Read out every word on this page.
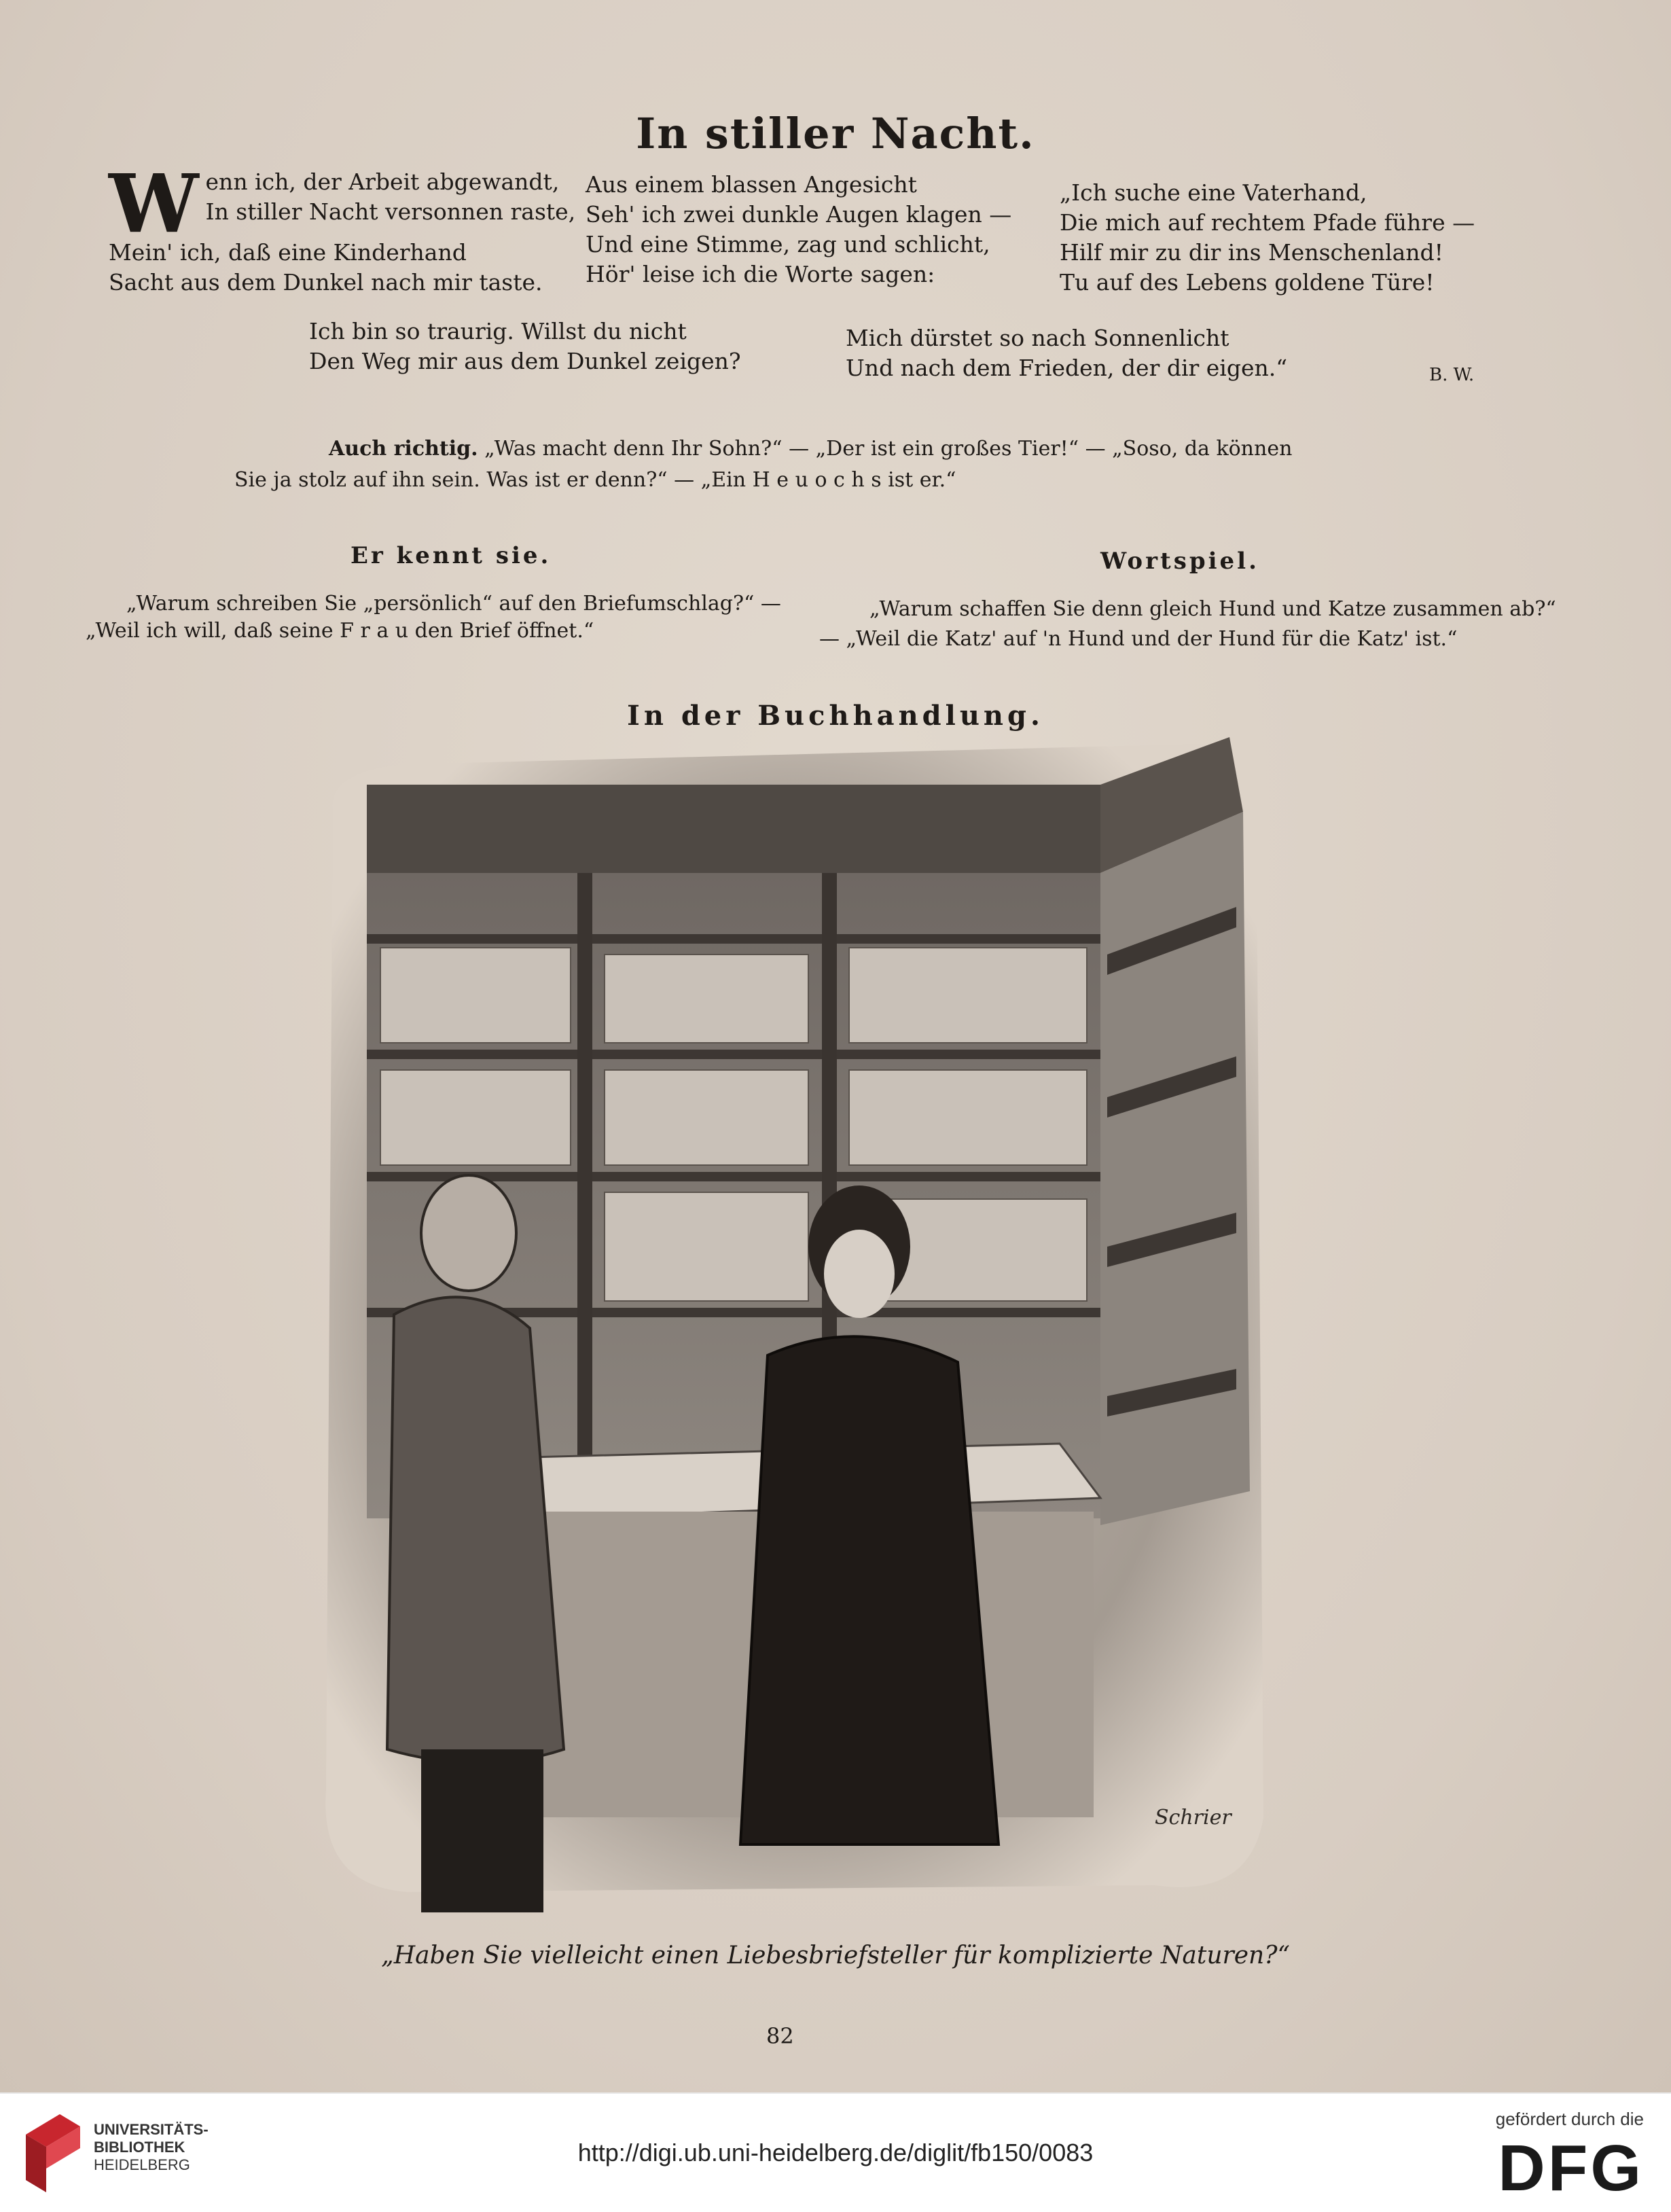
In stiller Nacht.
W enn ich, der Arbeit abgewandt,
In stiller Nacht versonnen raste,
Mein' ich, daß eine Kinderhand
Sacht aus dem Dunkel nach mir taste.
Aus einem blassen Angesicht
Seh' ich zwei dunkle Augen klagen —
Und eine Stimme, zag und schlicht,
Hör' leise ich die Worte sagen:
„Ich suche eine Vaterhand,
Die mich auf rechtem Pfade führe —
Hilf mir zu dir ins Menschenland!
Tu auf des Lebens goldene Türe!
Ich bin so traurig. Willst du nicht
Den Weg mir aus dem Dunkel zeigen?
Mich dürstet so nach Sonnenlicht
Und nach dem Frieden, der dir eigen.“	B. W.
Auch richtig. „Was macht denn Ihr Sohn?“ — „Der ist ein großes Tier!“ — „Soso, da können
Sie ja stolz auf ihn sein. Was ist er denn?“ — „Ein H e u o c h s ist er.“
Er kennt sie.
„Warum schreiben Sie „persönlich“ auf den Briefumschlag?“ —
„Weil ich will, daß seine F r a u den Brief öffnet.“
Wortspiel.
„Warum schaffen Sie denn gleich Hund und Katze zusammen ab?“
— „Weil die Katz' auf 'n Hund und der Hund für die Katz' ist.“
In der Buchhandlung.
Schrier
„Haben Sie vielleicht einen Liebesbriefsteller für komplizierte Naturen?“
82
UNIVERSITÄTS-
BIBLIOTHEK
HEIDELBERG	http://digi.ub.uni-heidelberg.de/diglit/fb150/0083
gefördert durch die
DFG
